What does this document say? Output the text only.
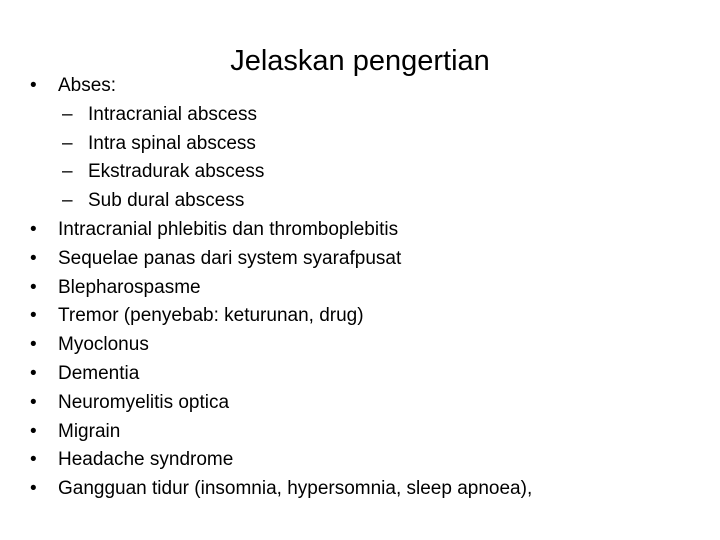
Jelaskan pengertian
•	Abses:
– Intracranial abscess
– Intra spinal abscess
– Ekstradurak abscess
– Sub dural abscess
•	Intracranial phlebitis dan thromboplebitis
•	Sequelae panas dari system syarafpusat
•	Blepharospasme
•	Tremor (penyebab: keturunan, drug)
•	Myoclonus
•	Dementia
•	Neuromyelitis optica
•	Migrain
•	Headache syndrome
•	Gangguan tidur (insomnia, hypersomnia, sleep apnoea),
